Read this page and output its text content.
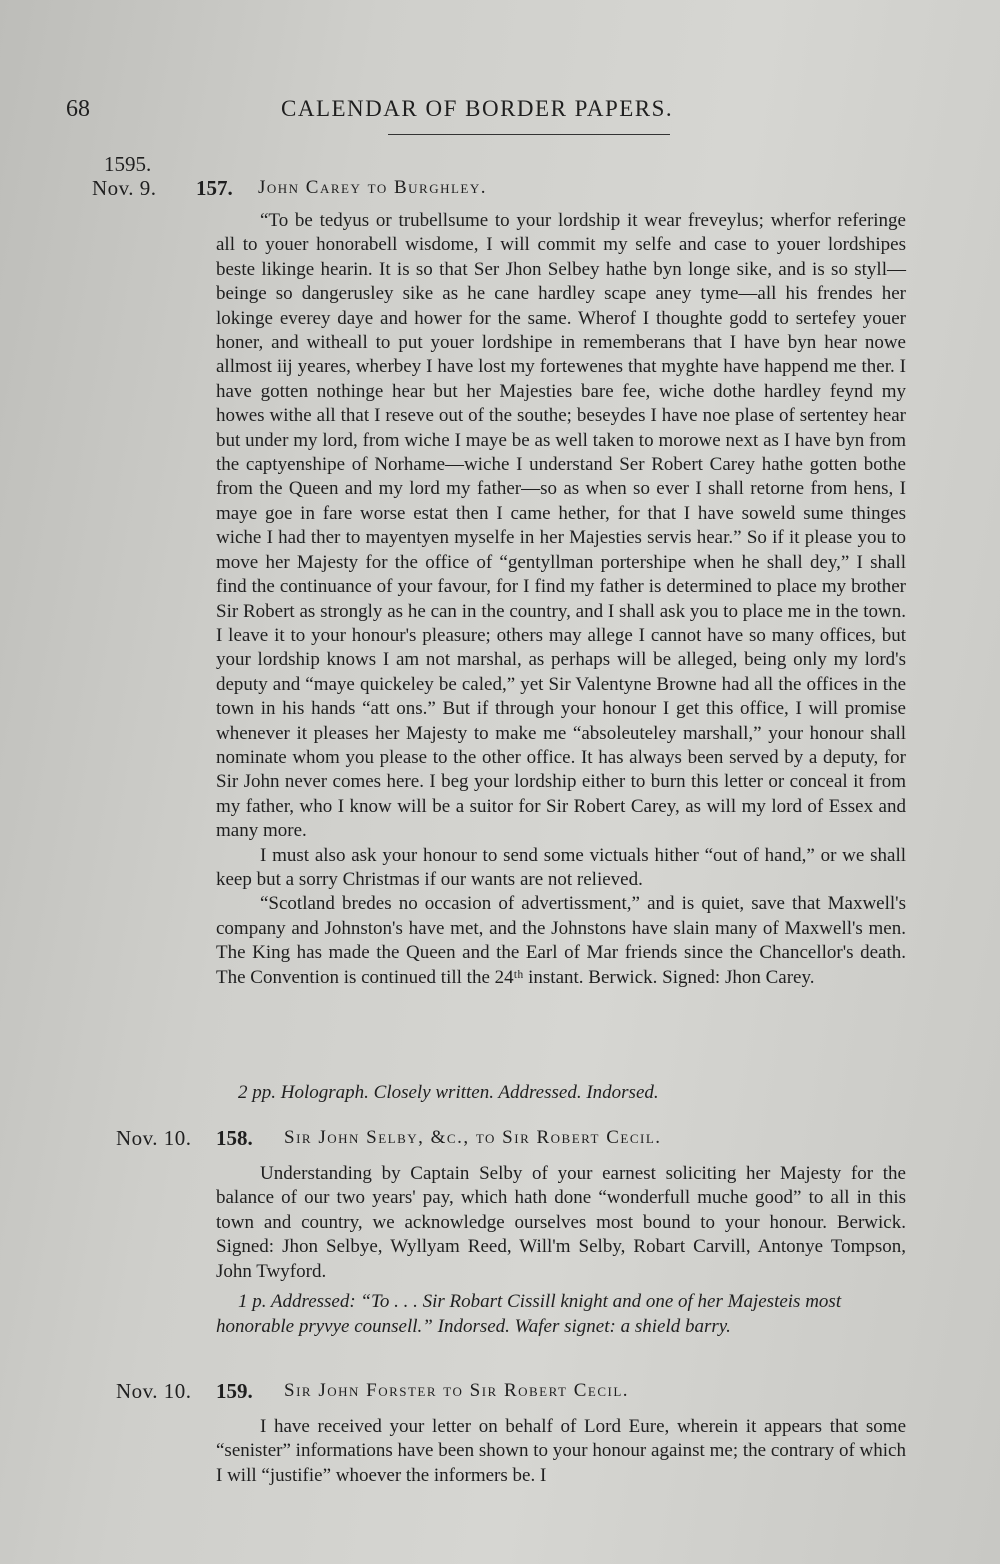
68	CALENDAR OF BORDER PAPERS.
1595.
Nov. 9. 157. John Carey to Burghley.

“To be tedyus or trubellsume to your lordship it wear freveylus; wherfor referinge all to youer honorabell wisdome, I will commit my selfe and case to youer lordshipes beste likinge hearin. It is so that Ser Jhon Selbey hathe byn longe sike, and is so styll—beinge so dangerusley sike as he cane hardley scape aney tyme—all his frendes her lokinge everey daye and hower for the same. Wherof I thoughte godd to sertefey youer honer, and witheall to put youer lordshipe in rememberans that I have byn hear nowe allmost iij yeares, wherbey I have lost my fortewenes that myghte have happend me ther. I have gotten nothinge hear but her Majesties bare fee, wiche dothe hardley feynd my howes withe all that I reseve out of the southe; beseydes I have noe plase of sertentey hear but under my lord, from wiche I maye be as well taken to morowe next as I have byn from the captyenshipe of Norhame—wiche I understand Ser Robert Carey hathe gotten bothe from the Queen and my lord my father—so as when so ever I shall retorne from hens, I maye goe in fare worse estat then I came hether, for that I have soweld sume thinges wiche I had ther to mayentyen myselfe in her Majesties servis hear.” So if it please you to move her Majesty for the office of “gentyllman portershipe when he shall dey,” I shall find the continuance of your favour, for I find my father is determined to place my brother Sir Robert as strongly as he can in the country, and I shall ask you to place me in the town. I leave it to your honour's pleasure; others may allege I cannot have so many offices, but your lordship knows I am not marshal, as perhaps will be alleged, being only my lord's deputy and “maye quickeley be caled,” yet Sir Valentyne Browne had all the offices in the town in his hands “att ons.” But if through your honour I get this office, I will promise whenever it pleases her Majesty to make me “absoleuteley marshall,” your honour shall nominate whom you please to the other office. It has always been served by a deputy, for Sir John never comes here. I beg your lordship either to burn this letter or conceal it from my father, who I know will be a suitor for Sir Robert Carey, as will my lord of Essex and many more.

I must also ask your honour to send some victuals hither “out of hand,” or we shall keep but a sorry Christmas if our wants are not relieved.

“Scotland bredes no occasion of advertissment,” and is quiet, save that Maxwell's company and Johnston's have met, and the Johnstons have slain many of Maxwell's men. The King has made the Queen and the Earl of Mar friends since the Chancellor's death. The Convention is continued till the 24ᵗʰ instant. Berwick. Signed: Jhon Carey.

2 pp. Holograph. Closely written. Addressed. Indorsed.
Nov. 10. 158. Sir John Selby, &c., to Sir Robert Cecil.

Understanding by Captain Selby of your earnest soliciting her Majesty for the balance of our two years' pay, which hath done “wonderfull muche good” to all in this town and country, we acknowledge ourselves most bound to your honour. Berwick. Signed: Jhon Selbye, Wyllyam Reed, Will'm Selby, Robart Carvill, Antonye Tompson, John Twyford.

1 p. Addressed: “To . . . Sir Robart Cissill knight and one of her Majesteis most honorable pryvye counsell.” Indorsed. Wafer signet: a shield barry.
Nov. 10. 159. Sir John Forster to Sir Robert Cecil.

I have received your letter on behalf of Lord Eure, wherein it appears that some “senister” informations have been shown to your honour against me; the contrary of which I will “justifie” whoever the informers be. I
